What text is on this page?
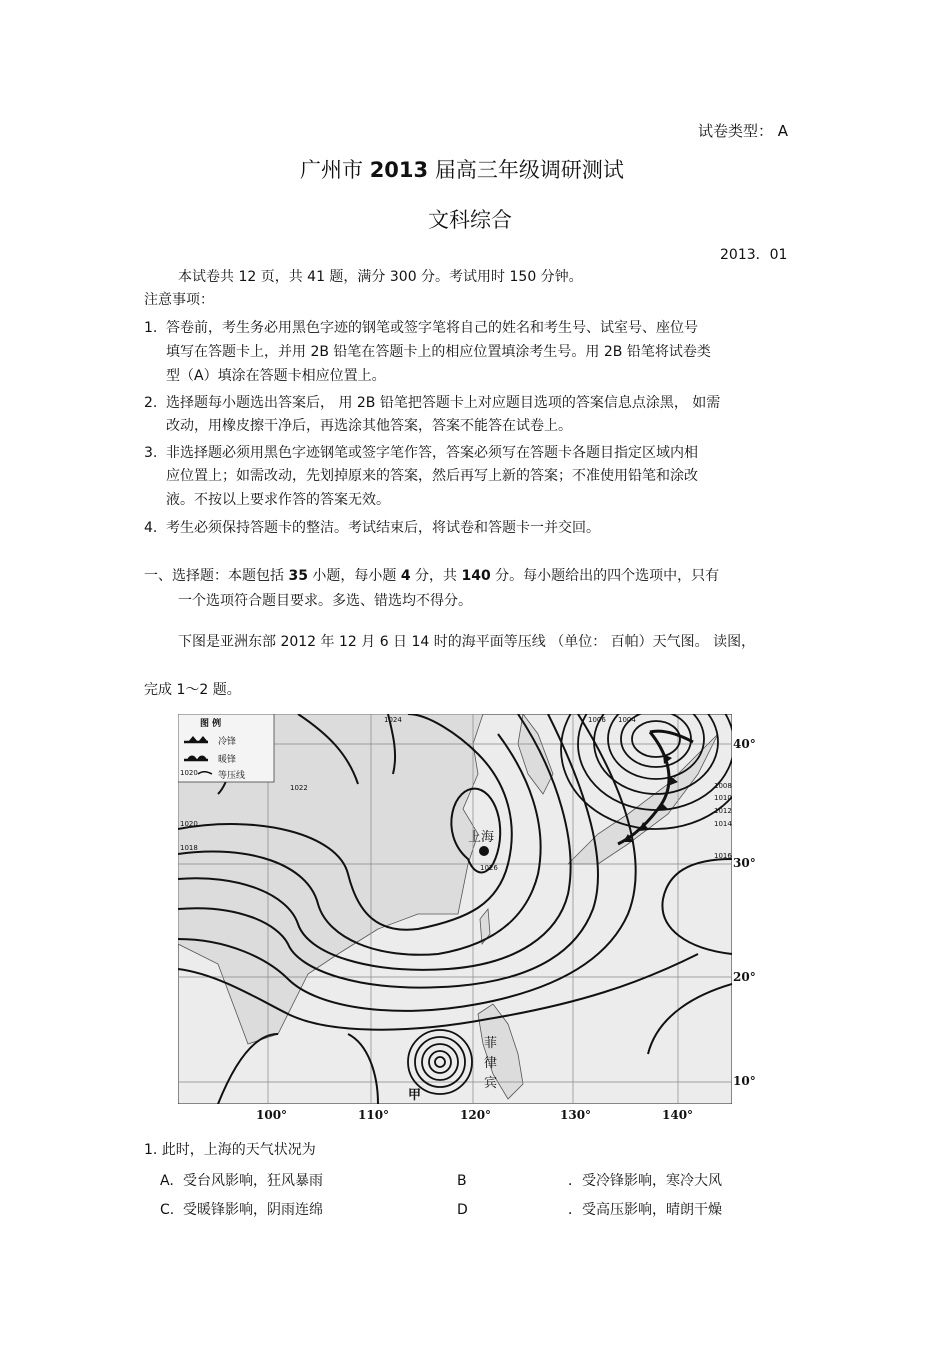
试卷类型： A
广州市 2013 届高三年级调研测试
文科综合
2013．01
本试卷共 12 页，共 41 题，满分 300 分。考试用时 150 分钟。
注意事项：
1. 答卷前，考生务必用黑色字迹的钢笔或签字笔将自己的姓名和考生号、试室号、座位号
填写在答题卡上，并用 2B 铅笔在答题卡上的相应位置填涂考生号。用 2B 铅笔将试卷类
型（A）填涂在答题卡相应位置上。
2. 选择题每小题选出答案后， 用 2B 铅笔把答题卡上对应题目选项的答案信息点涂黑， 如需
改动，用橡皮擦干净后，再选涂其他答案，答案不能答在试卷上。
3. 非选择题必须用黑色字迹钢笔或签字笔作答，答案必须写在答题卡各题目指定区域内相
应位置上；如需改动，先划掉原来的答案，然后再写上新的答案；不准使用铅笔和涂改
液。不按以上要求作答的答案无效。
4. 考生必须保持答题卡的整洁。考试结束后，将试卷和答题卡一并交回。
一、选择题：本题包括 35 小题，每小题 4 分，共 140 分。每小题给出的四个选项中，只有
一个选项符合题目要求。多选、错选均不得分。
下图是亚洲东部 2012 年 12 月 6 日 14 时的海平面等压线 （单位： 百帕）天气图。 读图，
完成 1～2 题。
图 例
冷锋
暖锋
1020 等压线
上海
菲
律
宾
甲
1008
1010
1012
1014
1016
1018
1020
1022
1024
1026
1004
1006
40°
30°
20°
10°
100°	110°	120°	130°	140°
1. 此时，上海的天气状况为
A. 受台风影响，狂风暴雨	B	．受冷锋影响，寒冷大风
C. 受暖锋影响，阴雨连绵	D	．受高压影响，晴朗干燥
